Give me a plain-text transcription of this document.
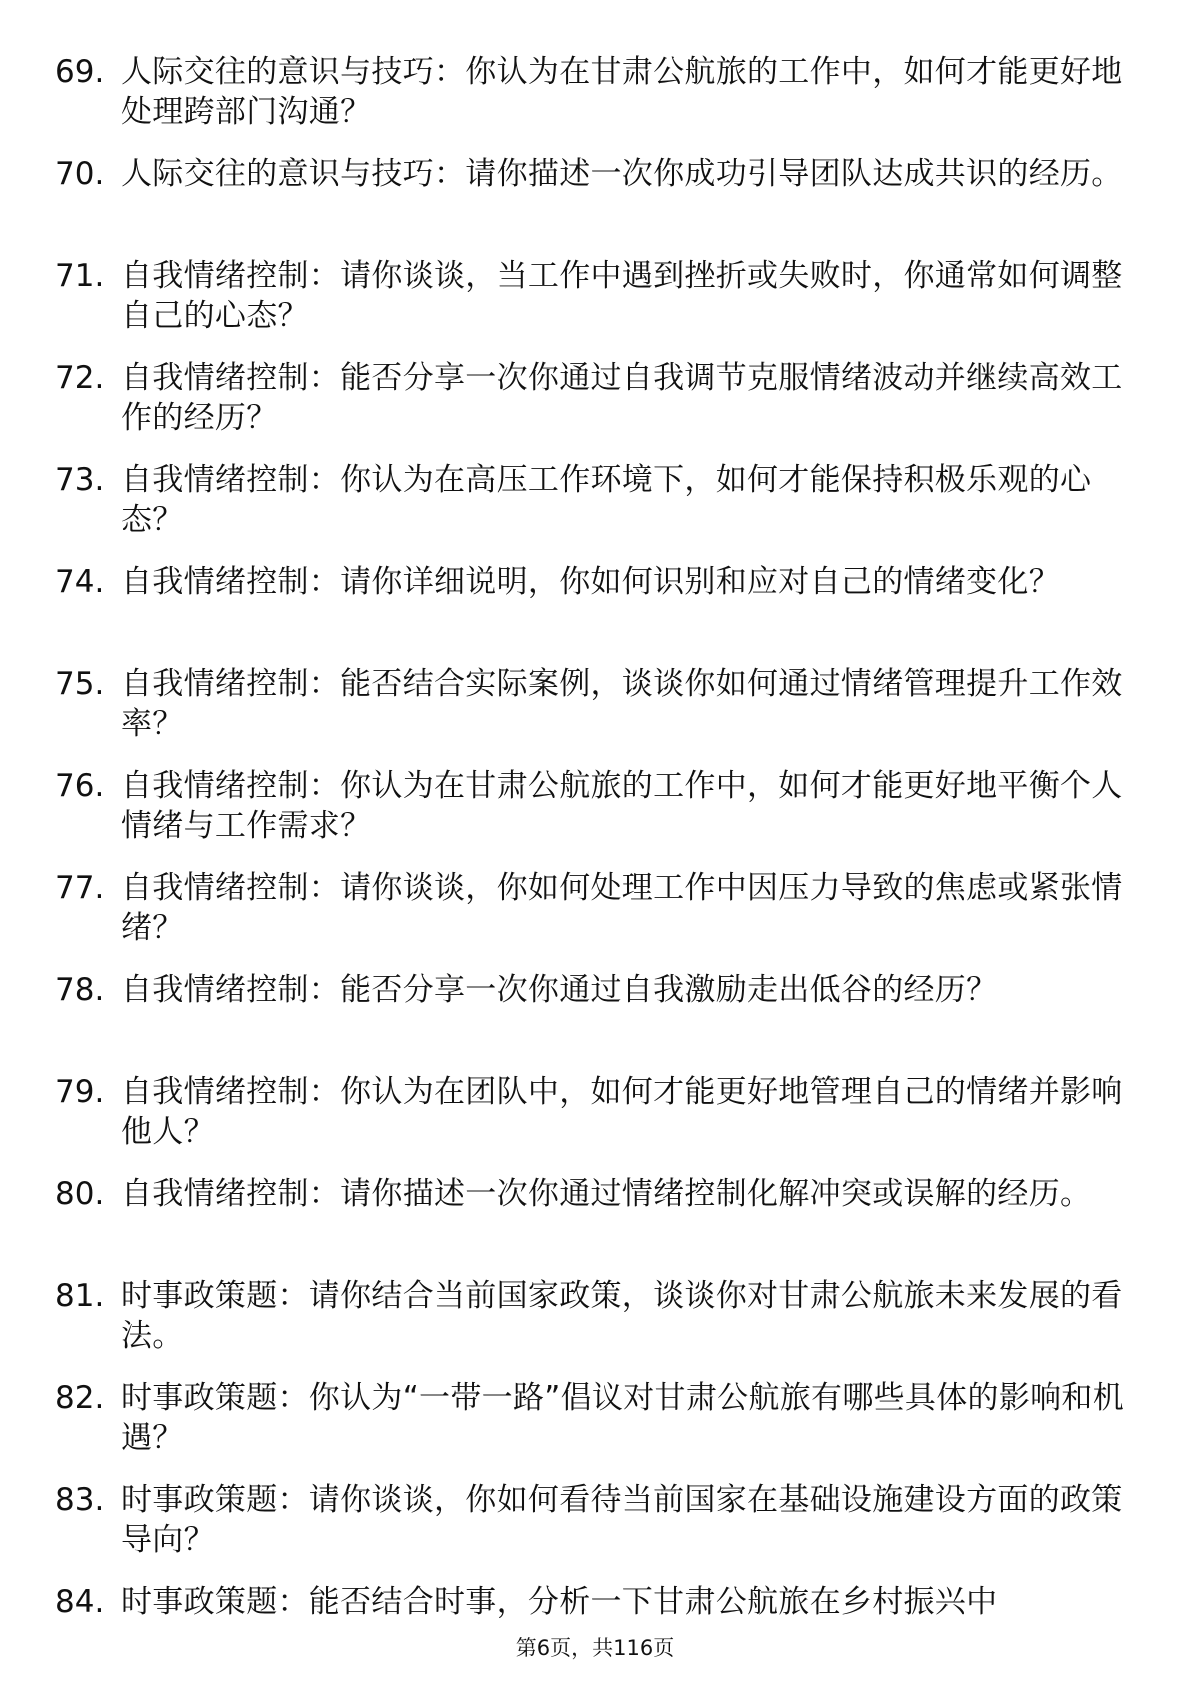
69. 人际交往的意识与技巧：你认为在甘肃公航旅的工作中，如何才能更好地处理跨部门沟通？
70. 人际交往的意识与技巧：请你描述一次你成功引导团队达成共识的经历。
71. 自我情绪控制：请你谈谈，当工作中遇到挫折或失败时，你通常如何调整自己的心态？
72. 自我情绪控制：能否分享一次你通过自我调节克服情绪波动并继续高效工作的经历？
73. 自我情绪控制：你认为在高压工作环境下，如何才能保持积极乐观的心态？
74. 自我情绪控制：请你详细说明，你如何识别和应对自己的情绪变化？
75. 自我情绪控制：能否结合实际案例，谈谈你如何通过情绪管理提升工作效率？
76. 自我情绪控制：你认为在甘肃公航旅的工作中，如何才能更好地平衡个人情绪与工作需求？
77. 自我情绪控制：请你谈谈，你如何处理工作中因压力导致的焦虑或紧张情绪？
78. 自我情绪控制：能否分享一次你通过自我激励走出低谷的经历？
79. 自我情绪控制：你认为在团队中，如何才能更好地管理自己的情绪并影响他人？
80. 自我情绪控制：请你描述一次你通过情绪控制化解冲突或误解的经历。
81. 时事政策题：请你结合当前国家政策，谈谈你对甘肃公航旅未来发展的看法。
82. 时事政策题：你认为“一带一路”倡议对甘肃公航旅有哪些具体的影响和机遇？
83. 时事政策题：请你谈谈，你如何看待当前国家在基础设施建设方面的政策导向？
84. 时事政策题：能否结合时事，分析一下甘肃公航旅在乡村振兴中
第6页，共116页
